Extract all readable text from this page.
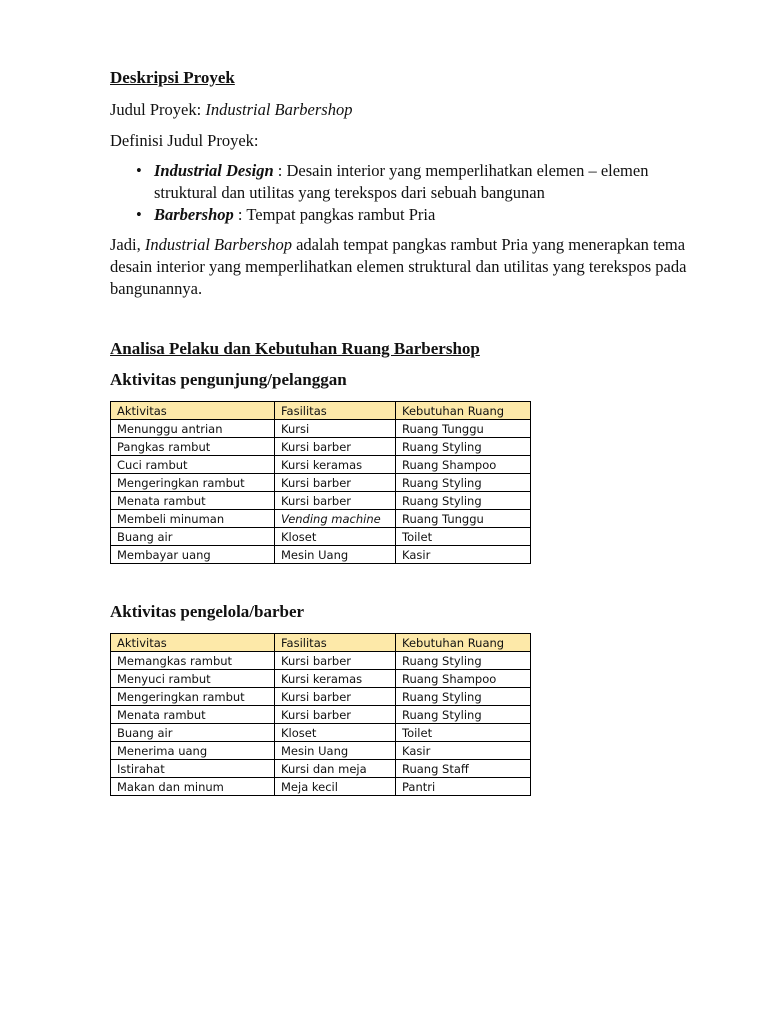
Deskripsi Proyek

Judul Proyek: Industrial Barbershop

Definisi Judul Proyek:

• Industrial Design : Desain interior yang memperlihatkan elemen – elemen
struktural dan utilitas yang terekspos dari sebuah bangunan
• Barbershop : Tempat pangkas rambut Pria

Jadi, Industrial Barbershop adalah tempat pangkas rambut Pria yang menerapkan tema desain interior yang memperlihatkan elemen struktural dan utilitas yang terekspos pada bangunannya.

Analisa Pelaku dan Kebutuhan Ruang Barbershop
Aktivitas pengunjung/pelanggan
Aktivitas	Fasilitas	Kebutuhan Ruang
Menunggu antrian	Kursi	Ruang Tunggu
Pangkas rambut	Kursi barber	Ruang Styling
Cuci rambut	Kursi keramas	Ruang Shampoo
Mengeringkan rambut	Kursi barber	Ruang Styling
Menata rambut	Kursi barber	Ruang Styling
Membeli minuman	Vending machine	Ruang Tunggu
Buang air	Kloset	Toilet
Membayar uang	Mesin Uang	Kasir
Aktivitas pengelola/barber
Aktivitas	Fasilitas	Kebutuhan Ruang
Memangkas rambut	Kursi barber	Ruang Styling
Menyuci rambut	Kursi keramas	Ruang Shampoo
Mengeringkan rambut	Kursi barber	Ruang Styling
Menata rambut	Kursi barber	Ruang Styling
Buang air	Kloset	Toilet
Menerima uang	Mesin Uang	Kasir
Istirahat	Kursi dan meja	Ruang Staff
Makan dan minum	Meja kecil	Pantri
